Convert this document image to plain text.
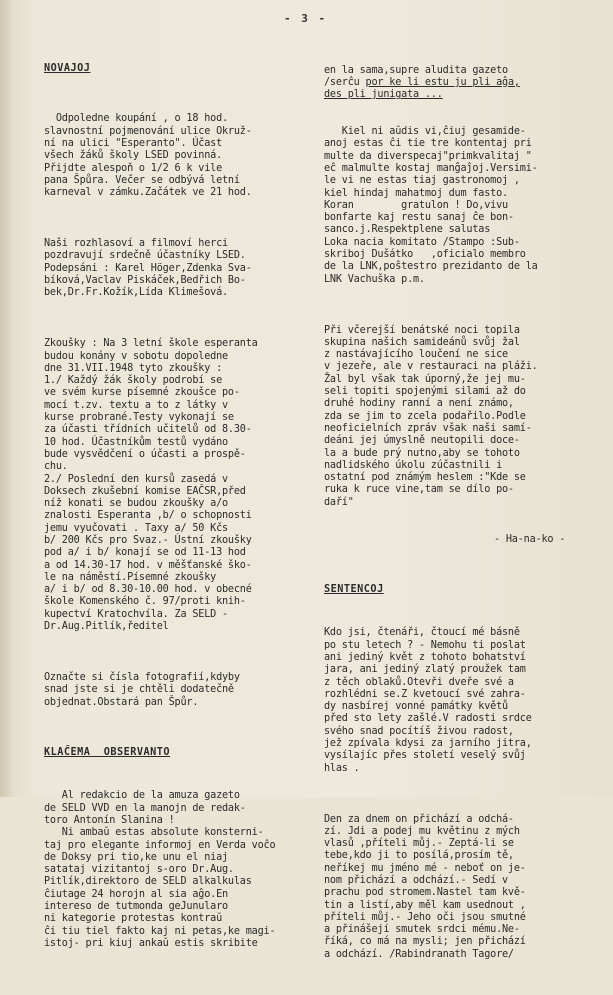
- 3 -

NOVAJOJ

Odpoledne koupání , o 18 hod.
slavnostní pojmenování ulice Okruž-
ní na ulici "Esperanto". Účast
všech žáků školy LSED povinná.
Přijdte alespoň o 1/2 6 k vile
pana Špůra. Večer se odbývá letní
karneval v zámku.Začátek ve 21 hod.

Naši rozhlasoví a filmoví herci
pozdravují srdečně účastníky LSED.
Podepsáni : Karel Höger,Zdenka Sva-
bíková,Vaclav Piskáček,Bedřich Bo-
bek,Dr.Fr.Kožík,Lída Klimešová.

Zkoušky : Na 3 letní škole esperanta
budou konány v sobotu dopoledne
dne 31.VII.1948 tyto zkoušky :
1./ Každý žák školy podrobí se
ve svém kurse písemné zkoušce po-
mocí t.zv. textu a to z látky v
kurse probrané.Testy vykonají se
za účasti třídních učitelů od 8.30-
10 hod. Účastníkům testů vydáno
bude vysvědčení o účasti a prospě-
chu.
2./ Poslední den kursů zasedá v
Doksech zkušební komise EAČSR,před
níž konati se budou zkoušky a/o
znalosti Esperanta ,b/ o schopnosti
jemu vyučovati . Taxy a/ 50 Kčs
b/ 200 Kčs pro Svaz.- Ústní zkoušky
pod a/ i b/ konají se od 11-13 hod
a od 14.30-17 hod. v měšťanské ško-
le na náměstí.Písemné zkoušky
a/ i b/ od 8.30-10.00 hod. v obecné
škole Komenského č. 97/proti knih-
kupectví Kratochvíla. Za SELD -
Dr.Aug.Pitlík,ředitel

Označte si čísla fotografií,kdyby
snad jste si je chtěli dodatečně
objednat.Obstará pan Špůr.

KLAĈEMA  OBSERVANTO

Al redakcio de la amuza gazeto
de SELD VVD en la manojn de redak-
toro Antonín Slanina !
Ni ambaŭ estas absolute konsterni-
taj pro elegante informoj en Verda voĉo
de Doksy pri tio,ke unu el niaj
satataj vizitantoj s-oro Dr.Aug.
Pitlík,direktoro de SELD alkalkulas
ĉiutage 24 horojn al sia aĝo.En
intereso de tutmonda geJunularo
ni kategorie protestas kontraŭ
ĉi tiu tiel fakto kaj ni petas,ke magi-
istoj- pri kiuj ankaŭ estis skribite

en la sama,supre aludita gazeto
/serĉu por ke li estu ju pli aĝa,
des pli junigata ...

Kiel ni aŭdis vi,ĉiuj gesamide-
anoj estas ĉi tie tre kontentaj pri
multe da diverspecaj"primkvalitaj "
eĉ malmulte kostaj manĝaĵoj.Versimi-
le vi ne estas tiaj gastronomoj ,
kiel hindaj mahatmoj dum fasto.
Koran        gratulon ! Do,vivu
bonfarte kaj restu sanaj ĉe bon-
sanco.j.Respektplene salutas
Loka nacia komitato /Stampo :Sub-
skriboj Dušátko   ,oficialo membro
de la LNK,poŝtestro prezidanto de la
LNK Vachuška p.m.

Při včerejší benátské noci topila
skupina našich samideánů svůj žal
z nastávajícího loučení ne sice
v jezeře, ale v restauraci na pláži.
Žal byl však tak úporný,že jej mu-
seli topiti spojenými silami až do
druhé hodiny ranní a není známo,
zda se jim to zcela podařilo.Podle
neoficielních zpráv však naši samí-
deáni jej úmyslně neutopili doce-
la a bude prý nutno,aby se tohoto
nadlidského úkolu zúčastnili i
ostatní pod známým heslem :"Kde se
ruka k ruce vine,tam se dílo po-
daří"

- Ha-na-ko -

SENTENCOJ

Kdo jsi, čtenáři, čtoucí mé básně
po stu letech ? - Nemohu ti poslat
ani jediný květ z tohoto bohatství
jara, ani jediný zlatý proužek tam
z těch oblaků.Otevři dveře své a
rozhlédni se.Z kvetoucí své zahra-
dy nasbírej vonné památky květů
před sto lety zašlé.V radosti srdce
svého snad pocítíš živou radost,
jež zpívala kdysi za jarního jitra,
vysílajíc přes století veselý svůj
hlas .

Den za dnem on přichází a odchá-
zí. Jdi a podej mu květinu z mých
vlasů ,příteli můj.- Zeptá-li se
tebe,kdo ji to posílá,prosím tě,
neříkej mu jméno mé - neboť on je-
nom přichází a odchází.- Sedí v
prachu pod stromem.Nastel tam kvě-
tin a listí,aby měl kam usednout ,
příteli můj.- Jeho oči jsou smutné
a přinášejí smutek srdci mému.Ne-
říká, co má na mysli; jen přichází
a odchází. /Rabindranath Tagore/
